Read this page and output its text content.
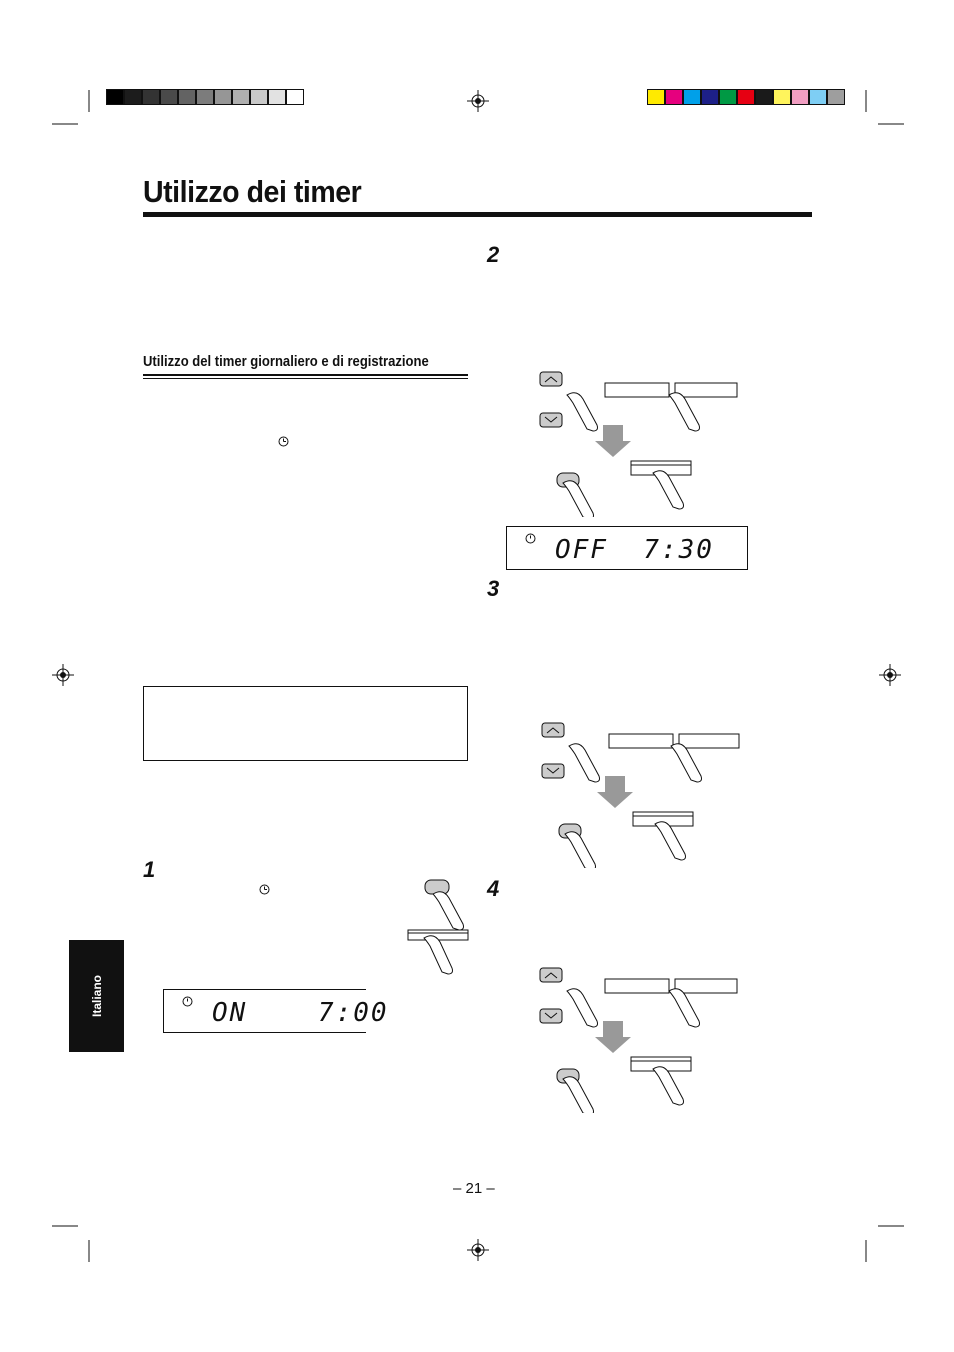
Utilizzo dei timer
Utilizzo del timer giornaliero e di registrazione
2
3
4
1
ON    7:00
OFF  7:30
Italiano
– 21 –
